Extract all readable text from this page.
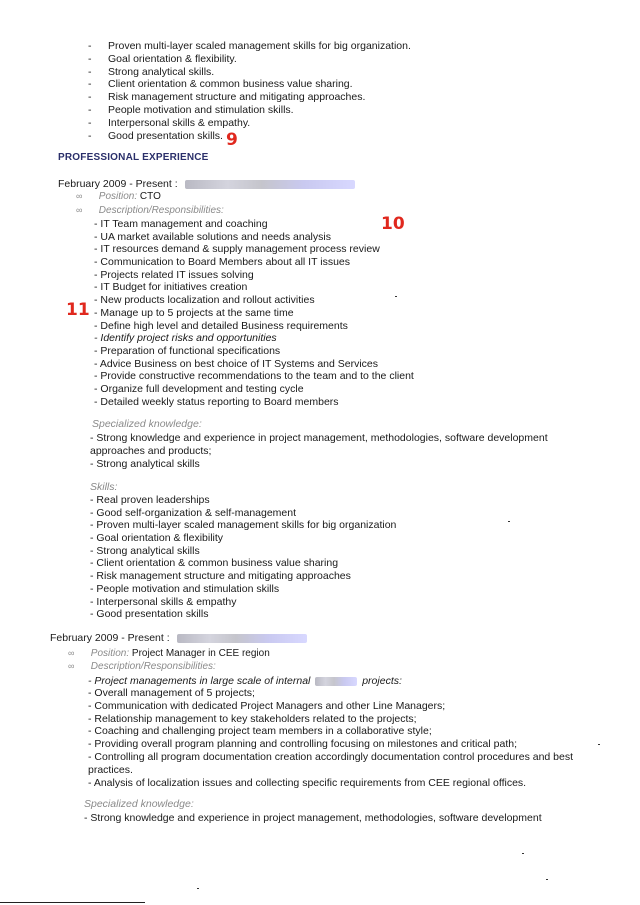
- Proven multi-layer scaled management skills for big organization.
- Goal orientation & flexibility.
- Strong analytical skills.
- Client orientation & common business value sharing.
- Risk management structure and mitigating approaches.
- People motivation and stimulation skills.
- Interpersonal skills & empathy.
- Good presentation skills. 9
PROFESSIONAL EXPERIENCE
February 2009 - Present :
∞ Position: CTO
∞ Description/Responsibilities:
10
11
- IT Team management and coaching
- UA market available solutions and needs analysis
- IT resources demand & supply management process review
- Communication to Board Members about all IT issues
- Projects related IT issues solving
- IT Budget for initiatives creation
- New products localization and rollout activities
- Manage up to 5 projects at the same time
- Define high level and detailed Business requirements
- Identify project risks and opportunities
- Preparation of functional specifications
- Advice Business on best choice of IT Systems and Services
- Provide constructive recommendations to the team and to the client
- Organize full development and testing cycle
- Detailed weekly status reporting to Board members
Specialized knowledge:
- Strong knowledge and experience in project management, methodologies, software development approaches and products;
- Strong analytical skills
Skills:
- Real proven leaderships
- Good self-organization & self-management
- Proven multi-layer scaled management skills for big organization
- Goal orientation & flexibility
- Strong analytical skills
- Client orientation & common business value sharing
- Risk management structure and mitigating approaches
- People motivation and stimulation skills
- Interpersonal skills & empathy
- Good presentation skills
February 2009 - Present :
∞ Position: Project Manager in CEE region
∞ Description/Responsibilities:
- Project managements in large scale of internal	projects:
- Overall management of 5 projects;
- Communication with dedicated Project Managers and other Line Managers;
- Relationship management to key stakeholders related to the projects;
- Coaching and challenging project team members in a collaborative style;
- Providing overall program planning and controlling focusing on milestones and critical path;
- Controlling all program documentation creation accordingly documentation control procedures and best practices.
- Analysis of localization issues and collecting specific requirements from CEE regional offices.
Specialized knowledge:
- Strong knowledge and experience in project management, methodologies, software development
